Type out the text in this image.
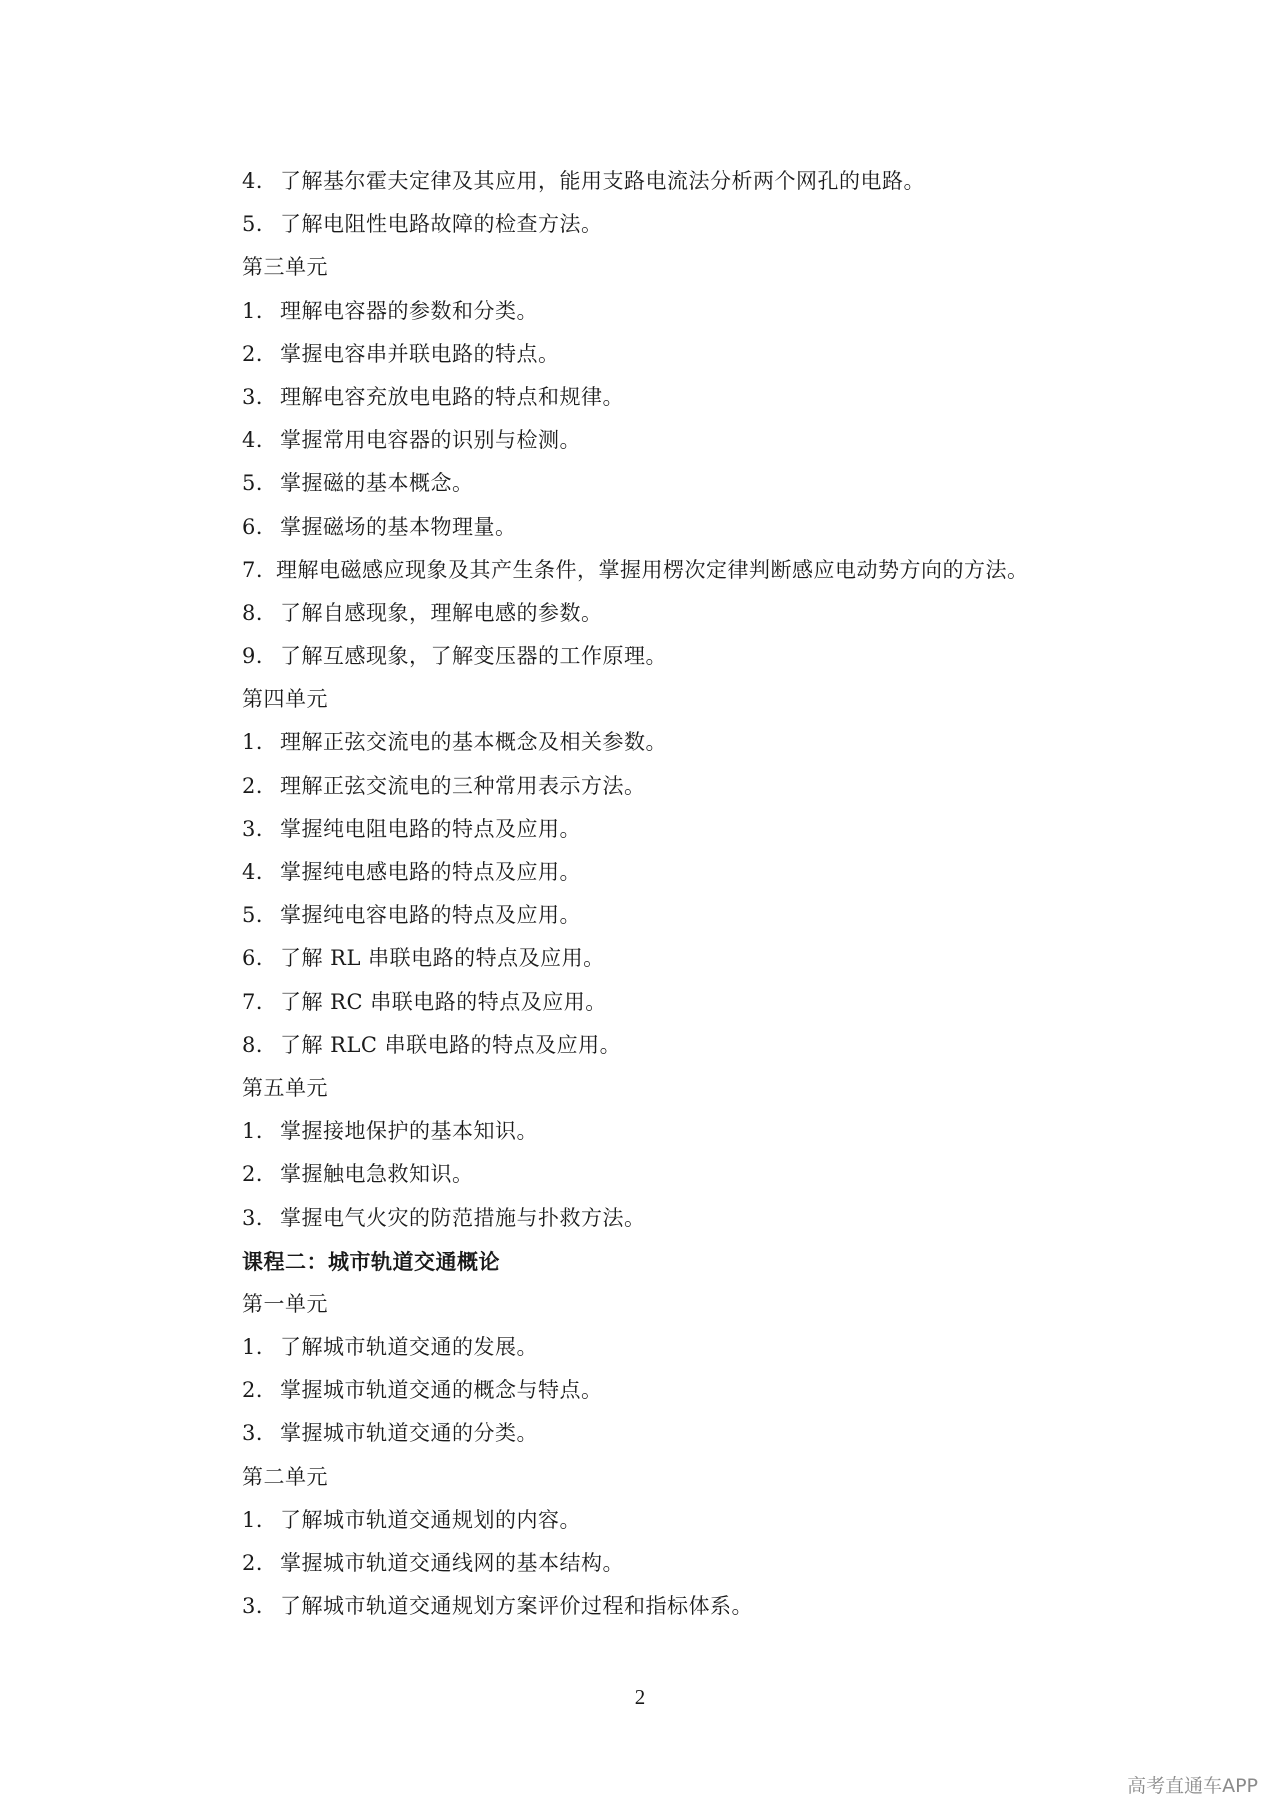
4． 了解基尔霍夫定律及其应用，能用支路电流法分析两个网孔的电路。
5． 了解电阻性电路故障的检查方法。
第三单元
1． 理解电容器的参数和分类。
2． 掌握电容串并联电路的特点。
3． 理解电容充放电电路的特点和规律。
4． 掌握常用电容器的识别与检测。
5． 掌握磁的基本概念。
6． 掌握磁场的基本物理量。
7. 理解电磁感应现象及其产生条件，掌握用楞次定律判断感应电动势方向的方法。
8． 了解自感现象，理解电感的参数。
9． 了解互感现象，了解变压器的工作原理。
第四单元
1． 理解正弦交流电的基本概念及相关参数。
2． 理解正弦交流电的三种常用表示方法。
3． 掌握纯电阻电路的特点及应用。
4． 掌握纯电感电路的特点及应用。
5． 掌握纯电容电路的特点及应用。
6． 了解 RL 串联电路的特点及应用。
7． 了解 RC 串联电路的特点及应用。
8． 了解 RLC 串联电路的特点及应用。
第五单元
1． 掌握接地保护的基本知识。
2． 掌握触电急救知识。
3． 掌握电气火灾的防范措施与扑救方法。
课程二：城市轨道交通概论
第一单元
1． 了解城市轨道交通的发展。
2． 掌握城市轨道交通的概念与特点。
3． 掌握城市轨道交通的分类。
第二单元
1． 了解城市轨道交通规划的内容。
2． 掌握城市轨道交通线网的基本结构。
3． 了解城市轨道交通规划方案评价过程和指标体系。
2
高考直通车APP
